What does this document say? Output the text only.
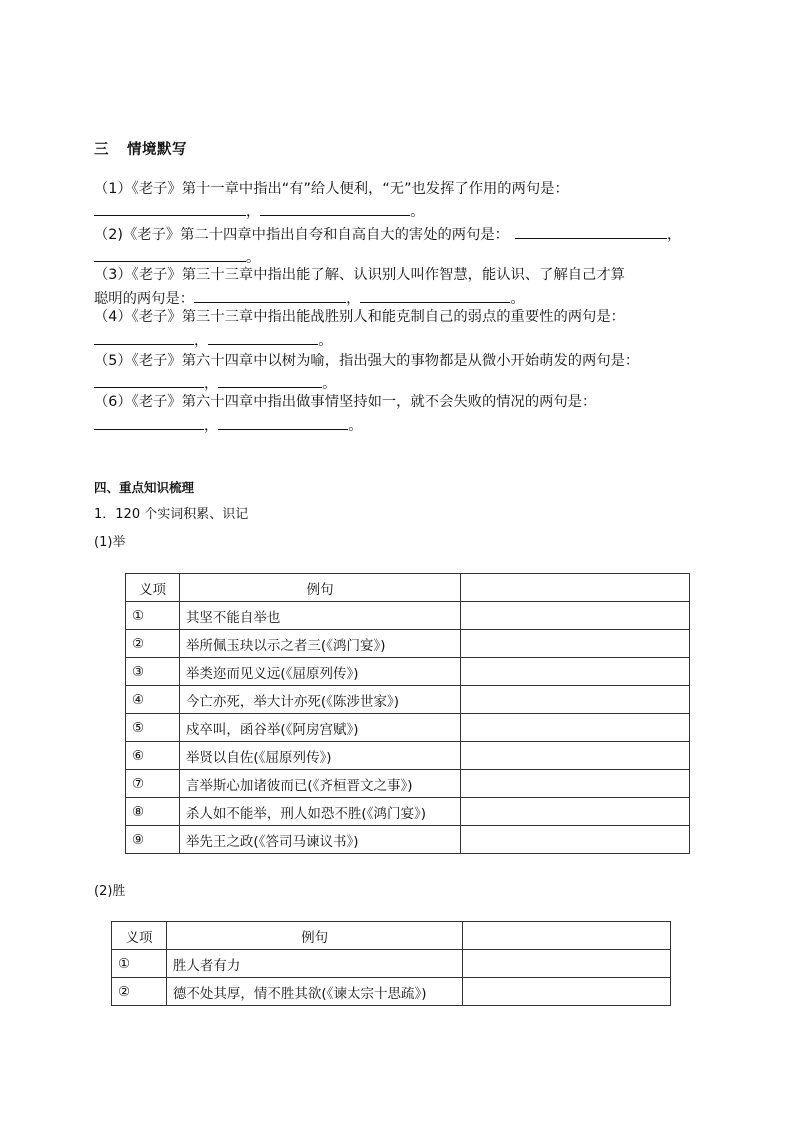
三 情境默写
（1）《老子》第十一章中指出“有”给人便利，“无”也发挥了作用的两句是：
，	。
（2)《老子》第二十四章中指出自夸和自高自大的害处的两句是：	，
。
（3）《老子》第三十三章中指出能了解、认识别人叫作智慧，能认识、了解自己才算
聪明的两句是：	，	。
（4）《老子》第三十三章中指出能战胜别人和能克制自己的弱点的重要性的两句是：
，	。
（5）《老子》第六十四章中以树为喻，指出强大的事物都是从微小开始萌发的两句是：
，	。
（6）《老子》第六十四章中指出做事情坚持如一，就不会失败的情况的两句是：
，	。
四、重点知识梳理
1．120 个实词积累、识记
(1)举
义项	例句	
①	其坚不能自举也	
②	举所佩玉玦以示之者三(《鸿门宴》)	
③	举类迩而见义远(《屈原列传》)	
④	今亡亦死，举大计亦死(《陈涉世家》)	
⑤	戍卒叫，函谷举(《阿房宫赋》)	
⑥	举贤以自佐(《屈原列传》)	
⑦	言举斯心加诸彼而已(《齐桓晋文之事》)	
⑧	杀人如不能举，刑人如恐不胜(《鸿门宴》)	
⑨	举先王之政(《答司马谏议书》)	
(2)胜
义项	例句	
①	胜人者有力	
②	德不处其厚，情不胜其欲(《谏太宗十思疏》)	
